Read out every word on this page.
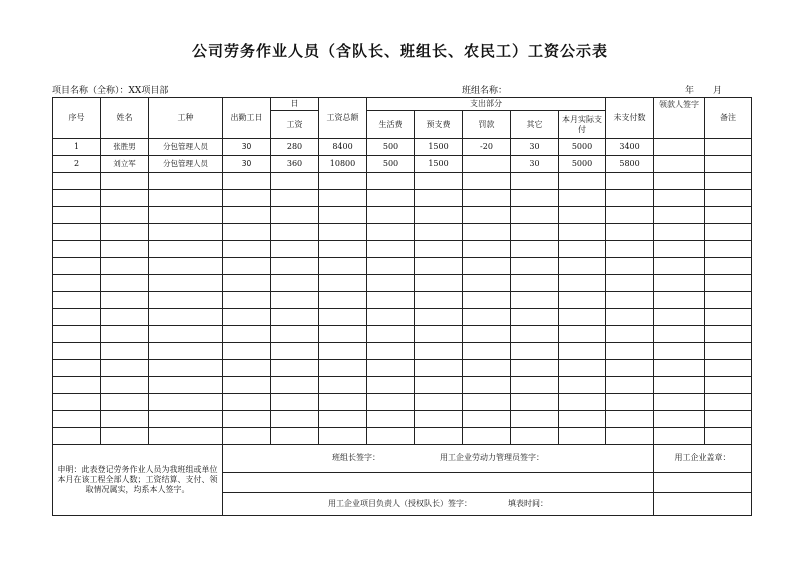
公司劳务作业人员（含队长、班组长、农民工）工资公示表
项目名称（全称）：XX项目部	班组名称：	年 月
序号	姓名	工种	出勤工日	日	工资总额	支出部分					未支付数	领款人签字	备注
				工资		生活费	预支费	罚款	其它	本月实际支付			
1	张胜男	分包管理人员	30	280	8400	500	1500	-20	30	5000	3400		
2	刘立军	分包管理人员	30	360	10800	500	1500		30	5000	5800		

申明：此表登记劳务作业人员为我班组或单位本月在该工程全部人数；工资结算、支付、领取情况属实，均系本人签字。			班组长签字： 用工企业劳动力管理员签字：									用工企业盖章：	

			用工企业项目负责人（授权队长）签字： 填表时间：										
